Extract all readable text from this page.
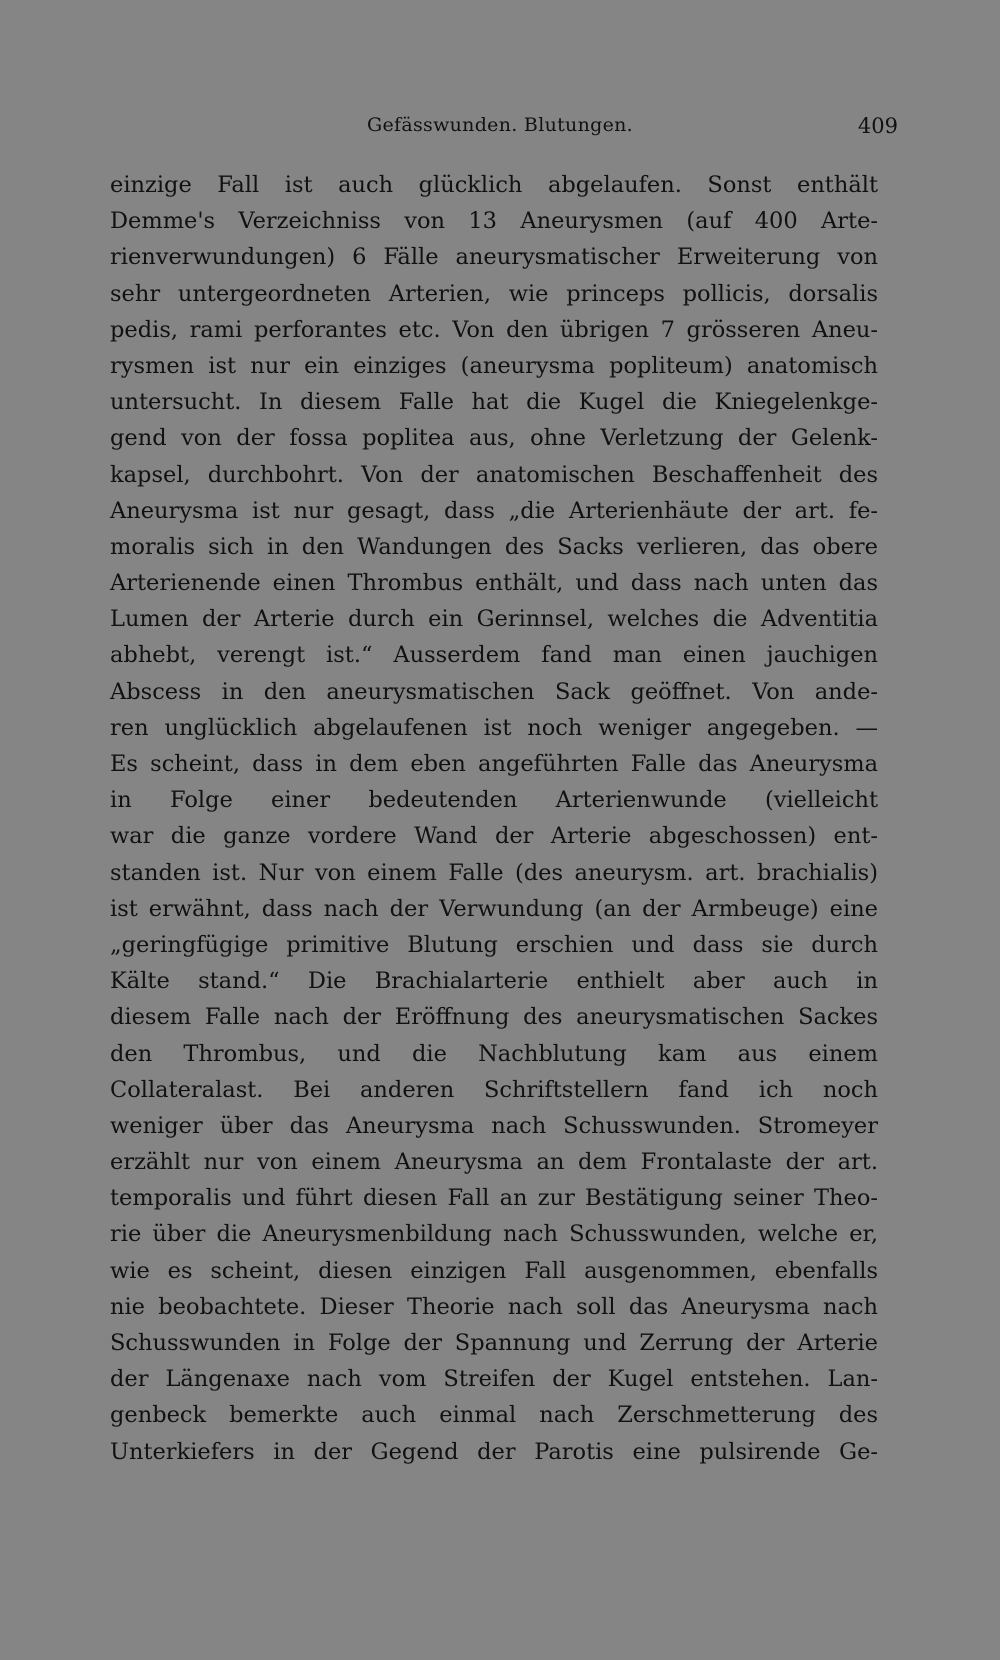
Gefässwunden. Blutungen.	409
einzige Fall ist auch glücklich abgelaufen. Sonst enthält
Demme's Verzeichniss von 13 Aneurysmen (auf 400 Arte-
rienverwundungen) 6 Fälle aneurysmatischer Erweiterung von
sehr untergeordneten Arterien, wie princeps pollicis, dorsalis
pedis, rami perforantes etc. Von den übrigen 7 grösseren Aneu-
rysmen ist nur ein einziges (aneurysma popliteum) anatomisch
untersucht. In diesem Falle hat die Kugel die Kniegelenkge-
gend von der fossa poplitea aus, ohne Verletzung der Gelenk-
kapsel, durchbohrt. Von der anatomischen Beschaffenheit des
Aneurysma ist nur gesagt, dass „die Arterienhäute der art. fe-
moralis sich in den Wandungen des Sacks verlieren, das obere
Arterienende einen Thrombus enthält, und dass nach unten das
Lumen der Arterie durch ein Gerinnsel, welches die Adventitia
abhebt, verengt ist.“ Ausserdem fand man einen jauchigen
Abscess in den aneurysmatischen Sack geöffnet. Von ande-
ren unglücklich abgelaufenen ist noch weniger angegeben. —
Es scheint, dass in dem eben angeführten Falle das Aneurysma
in Folge einer bedeutenden Arterienwunde (vielleicht
war die ganze vordere Wand der Arterie abgeschossen) ent-
standen ist. Nur von einem Falle (des aneurysm. art. brachialis)
ist erwähnt, dass nach der Verwundung (an der Armbeuge) eine
„geringfügige primitive Blutung erschien und dass sie durch
Kälte stand.“ Die Brachialarterie enthielt aber auch in
diesem Falle nach der Eröffnung des aneurysmatischen Sackes
den Thrombus, und die Nachblutung kam aus einem
Collateralast. Bei anderen Schriftstellern fand ich noch
weniger über das Aneurysma nach Schusswunden. Stromeyer
erzählt nur von einem Aneurysma an dem Frontalaste der art.
temporalis und führt diesen Fall an zur Bestätigung seiner Theo-
rie über die Aneurysmenbildung nach Schusswunden, welche er,
wie es scheint, diesen einzigen Fall ausgenommen, ebenfalls
nie beobachtete. Dieser Theorie nach soll das Aneurysma nach
Schusswunden in Folge der Spannung und Zerrung der Arterie
der Längenaxe nach vom Streifen der Kugel entstehen. Lan-
genbeck bemerkte auch einmal nach Zerschmetterung des
Unterkiefers in der Gegend der Parotis eine pulsirende Ge-
